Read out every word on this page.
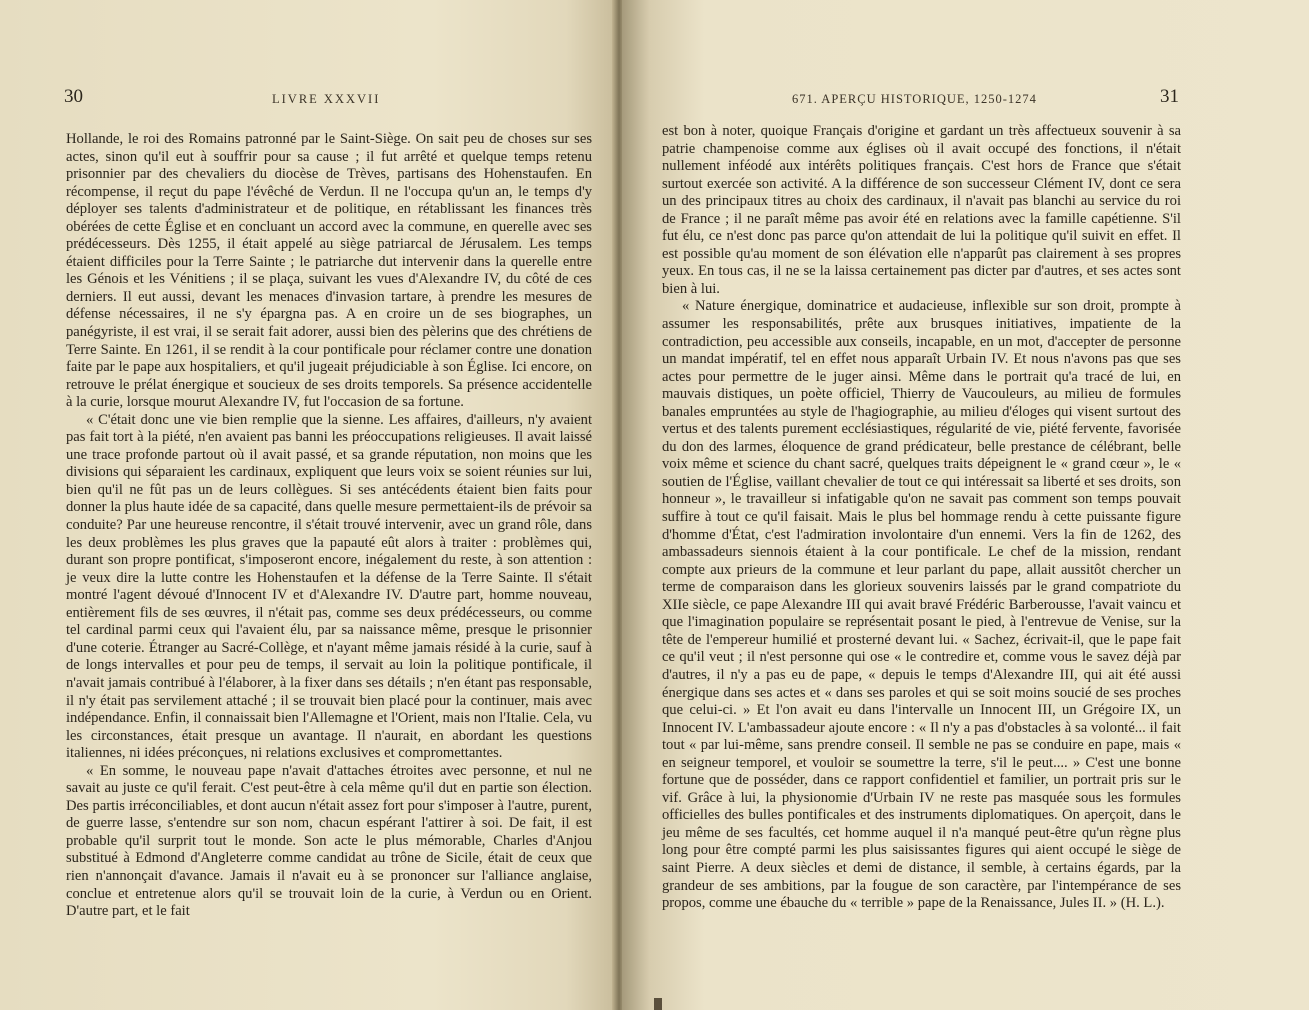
30	LIVRE XXXVII

Hollande, le roi des Romains patronné par le Saint-Siège. On sait peu de choses sur ses actes, sinon qu'il eut à souffrir pour sa cause ; il fut arrêté et quelque temps retenu prisonnier par des chevaliers du diocèse de Trèves, partisans des Hohenstaufen. En récompense, il reçut du pape l'évêché de Verdun. Il ne l'occupa qu'un an, le temps d'y déployer ses talents d'administrateur et de politique, en rétablissant les finances très obérées de cette Église et en concluant un accord avec la commune, en querelle avec ses prédécesseurs. Dès 1255, il était appelé au siège patriarcal de Jérusalem. Les temps étaient difficiles pour la Terre Sainte ; le patriarche dut intervenir dans la querelle entre les Génois et les Vénitiens ; il se plaça, suivant les vues d'Alexandre IV, du côté de ces derniers. Il eut aussi, devant les menaces d'invasion tartare, à prendre les mesures de défense nécessaires, il ne s'y épargna pas. A en croire un de ses biographes, un panégyriste, il est vrai, il se serait fait adorer, aussi bien des pèlerins que des chrétiens de Terre Sainte. En 1261, il se rendit à la cour pontificale pour réclamer contre une donation faite par le pape aux hospitaliers, et qu'il jugeait préjudiciable à son Église. Ici encore, on retrouve le prélat énergique et soucieux de ses droits temporels. Sa présence accidentelle à la curie, lorsque mourut Alexandre IV, fut l'occasion de sa fortune.

« C'était donc une vie bien remplie que la sienne. Les affaires, d'ailleurs, n'y avaient pas fait tort à la piété, n'en avaient pas banni les préoccupations religieuses. Il avait laissé une trace profonde partout où il avait passé, et sa grande réputation, non moins que les divisions qui séparaient les cardinaux, expliquent que leurs voix se soient réunies sur lui, bien qu'il ne fût pas un de leurs collègues. Si ses antécédents étaient bien faits pour donner la plus haute idée de sa capacité, dans quelle mesure permettaient-ils de prévoir sa conduite? Par une heureuse rencontre, il s'était trouvé intervenir, avec un grand rôle, dans les deux problèmes les plus graves que la papauté eût alors à traiter : problèmes qui, durant son propre pontificat, s'imposeront encore, inégalement du reste, à son attention : je veux dire la lutte contre les Hohenstaufen et la défense de la Terre Sainte. Il s'était montré l'agent dévoué d'Innocent IV et d'Alexandre IV. D'autre part, homme nouveau, entièrement fils de ses œuvres, il n'était pas, comme ses deux prédécesseurs, ou comme tel cardinal parmi ceux qui l'avaient élu, par sa naissance même, presque le prisonnier d'une coterie. Étranger au Sacré-Collège, et n'ayant même jamais résidé à la curie, sauf à de longs intervalles et pour peu de temps, il servait au loin la politique pontificale, il n'avait jamais contribué à l'élaborer, à la fixer dans ses détails ; n'en étant pas responsable, il n'y était pas servilement attaché ; il se trouvait bien placé pour la continuer, mais avec indépendance. Enfin, il connaissait bien l'Allemagne et l'Orient, mais non l'Italie. Cela, vu les circonstances, était presque un avantage. Il n'aurait, en abordant les questions italiennes, ni idées préconçues, ni relations exclusives et compromettantes.

« En somme, le nouveau pape n'avait d'attaches étroites avec personne, et nul ne savait au juste ce qu'il ferait. C'est peut-être à cela même qu'il dut en partie son élection. Des partis irréconciliables, et dont aucun n'était assez fort pour s'imposer à l'autre, purent, de guerre lasse, s'entendre sur son nom, chacun espérant l'attirer à soi. De fait, il est probable qu'il surprit tout le monde. Son acte le plus mémorable, Charles d'Anjou substitué à Edmond d'Angleterre comme candidat au trône de Sicile, était de ceux que rien n'annonçait d'avance. Jamais il n'avait eu à se prononcer sur l'alliance anglaise, conclue et entretenue alors qu'il se trouvait loin de la curie, à Verdun ou en Orient. D'autre part, et le fait

671. APERÇU HISTORIQUE, 1250-1274	31

est bon à noter, quoique Français d'origine et gardant un très affectueux souvenir à sa patrie champenoise comme aux églises où il avait occupé des fonctions, il n'était nullement inféodé aux intérêts politiques français. C'est hors de France que s'était surtout exercée son activité. A la différence de son successeur Clément IV, dont ce sera un des principaux titres au choix des cardinaux, il n'avait pas blanchi au service du roi de France ; il ne paraît même pas avoir été en relations avec la famille capétienne. S'il fut élu, ce n'est donc pas parce qu'on attendait de lui la politique qu'il suivit en effet. Il est possible qu'au moment de son élévation elle n'apparût pas clairement à ses propres yeux. En tous cas, il ne se la laissa certainement pas dicter par d'autres, et ses actes sont bien à lui.

« Nature énergique, dominatrice et audacieuse, inflexible sur son droit, prompte à assumer les responsabilités, prête aux brusques initiatives, impatiente de la contradiction, peu accessible aux conseils, incapable, en un mot, d'accepter de personne un mandat impératif, tel en effet nous apparaît Urbain IV. Et nous n'avons pas que ses actes pour permettre de le juger ainsi. Même dans le portrait qu'a tracé de lui, en mauvais distiques, un poète officiel, Thierry de Vaucouleurs, au milieu de formules banales empruntées au style de l'hagiographie, au milieu d'éloges qui visent surtout des vertus et des talents purement ecclésiastiques, régularité de vie, piété fervente, favorisée du don des larmes, éloquence de grand prédicateur, belle prestance de célébrant, belle voix même et science du chant sacré, quelques traits dépeignent le « grand cœur », le « soutien de l'Église, vaillant chevalier de tout ce qui intéressait sa liberté et ses droits, son honneur », le travailleur si infatigable qu'on ne savait pas comment son temps pouvait suffire à tout ce qu'il faisait. Mais le plus bel hommage rendu à cette puissante figure d'homme d'État, c'est l'admiration involontaire d'un ennemi. Vers la fin de 1262, des ambassadeurs siennois étaient à la cour pontificale. Le chef de la mission, rendant compte aux prieurs de la commune et leur parlant du pape, allait aussitôt chercher un terme de comparaison dans les glorieux souvenirs laissés par le grand compatriote du XIIe siècle, ce pape Alexandre III qui avait bravé Frédéric Barberousse, l'avait vaincu et que l'imagination populaire se représentait posant le pied, à l'entrevue de Venise, sur la tête de l'empereur humilié et prosterné devant lui. « Sachez, écrivait-il, que le pape fait ce qu'il veut ; il n'est personne qui ose « le contredire et, comme vous le savez déjà par d'autres, il n'y a pas eu de pape, « depuis le temps d'Alexandre III, qui ait été aussi énergique dans ses actes et « dans ses paroles et qui se soit moins soucié de ses proches que celui-ci. » Et l'on avait eu dans l'intervalle un Innocent III, un Grégoire IX, un Innocent IV. L'ambassadeur ajoute encore : « Il n'y a pas d'obstacles à sa volonté... il fait tout « par lui-même, sans prendre conseil. Il semble ne pas se conduire en pape, mais « en seigneur temporel, et vouloir se soumettre la terre, s'il le peut.... » C'est une bonne fortune que de posséder, dans ce rapport confidentiel et familier, un portrait pris sur le vif. Grâce à lui, la physionomie d'Urbain IV ne reste pas masquée sous les formules officielles des bulles pontificales et des instruments diplomatiques. On aperçoit, dans le jeu même de ses facultés, cet homme auquel il n'a manqué peut-être qu'un règne plus long pour être compté parmi les plus saisissantes figures qui aient occupé le siège de saint Pierre. A deux siècles et demi de distance, il semble, à certains égards, par la grandeur de ses ambitions, par la fougue de son caractère, par l'intempérance de ses propos, comme une ébauche du « terrible » pape de la Renaissance, Jules II. » (H. L.).
